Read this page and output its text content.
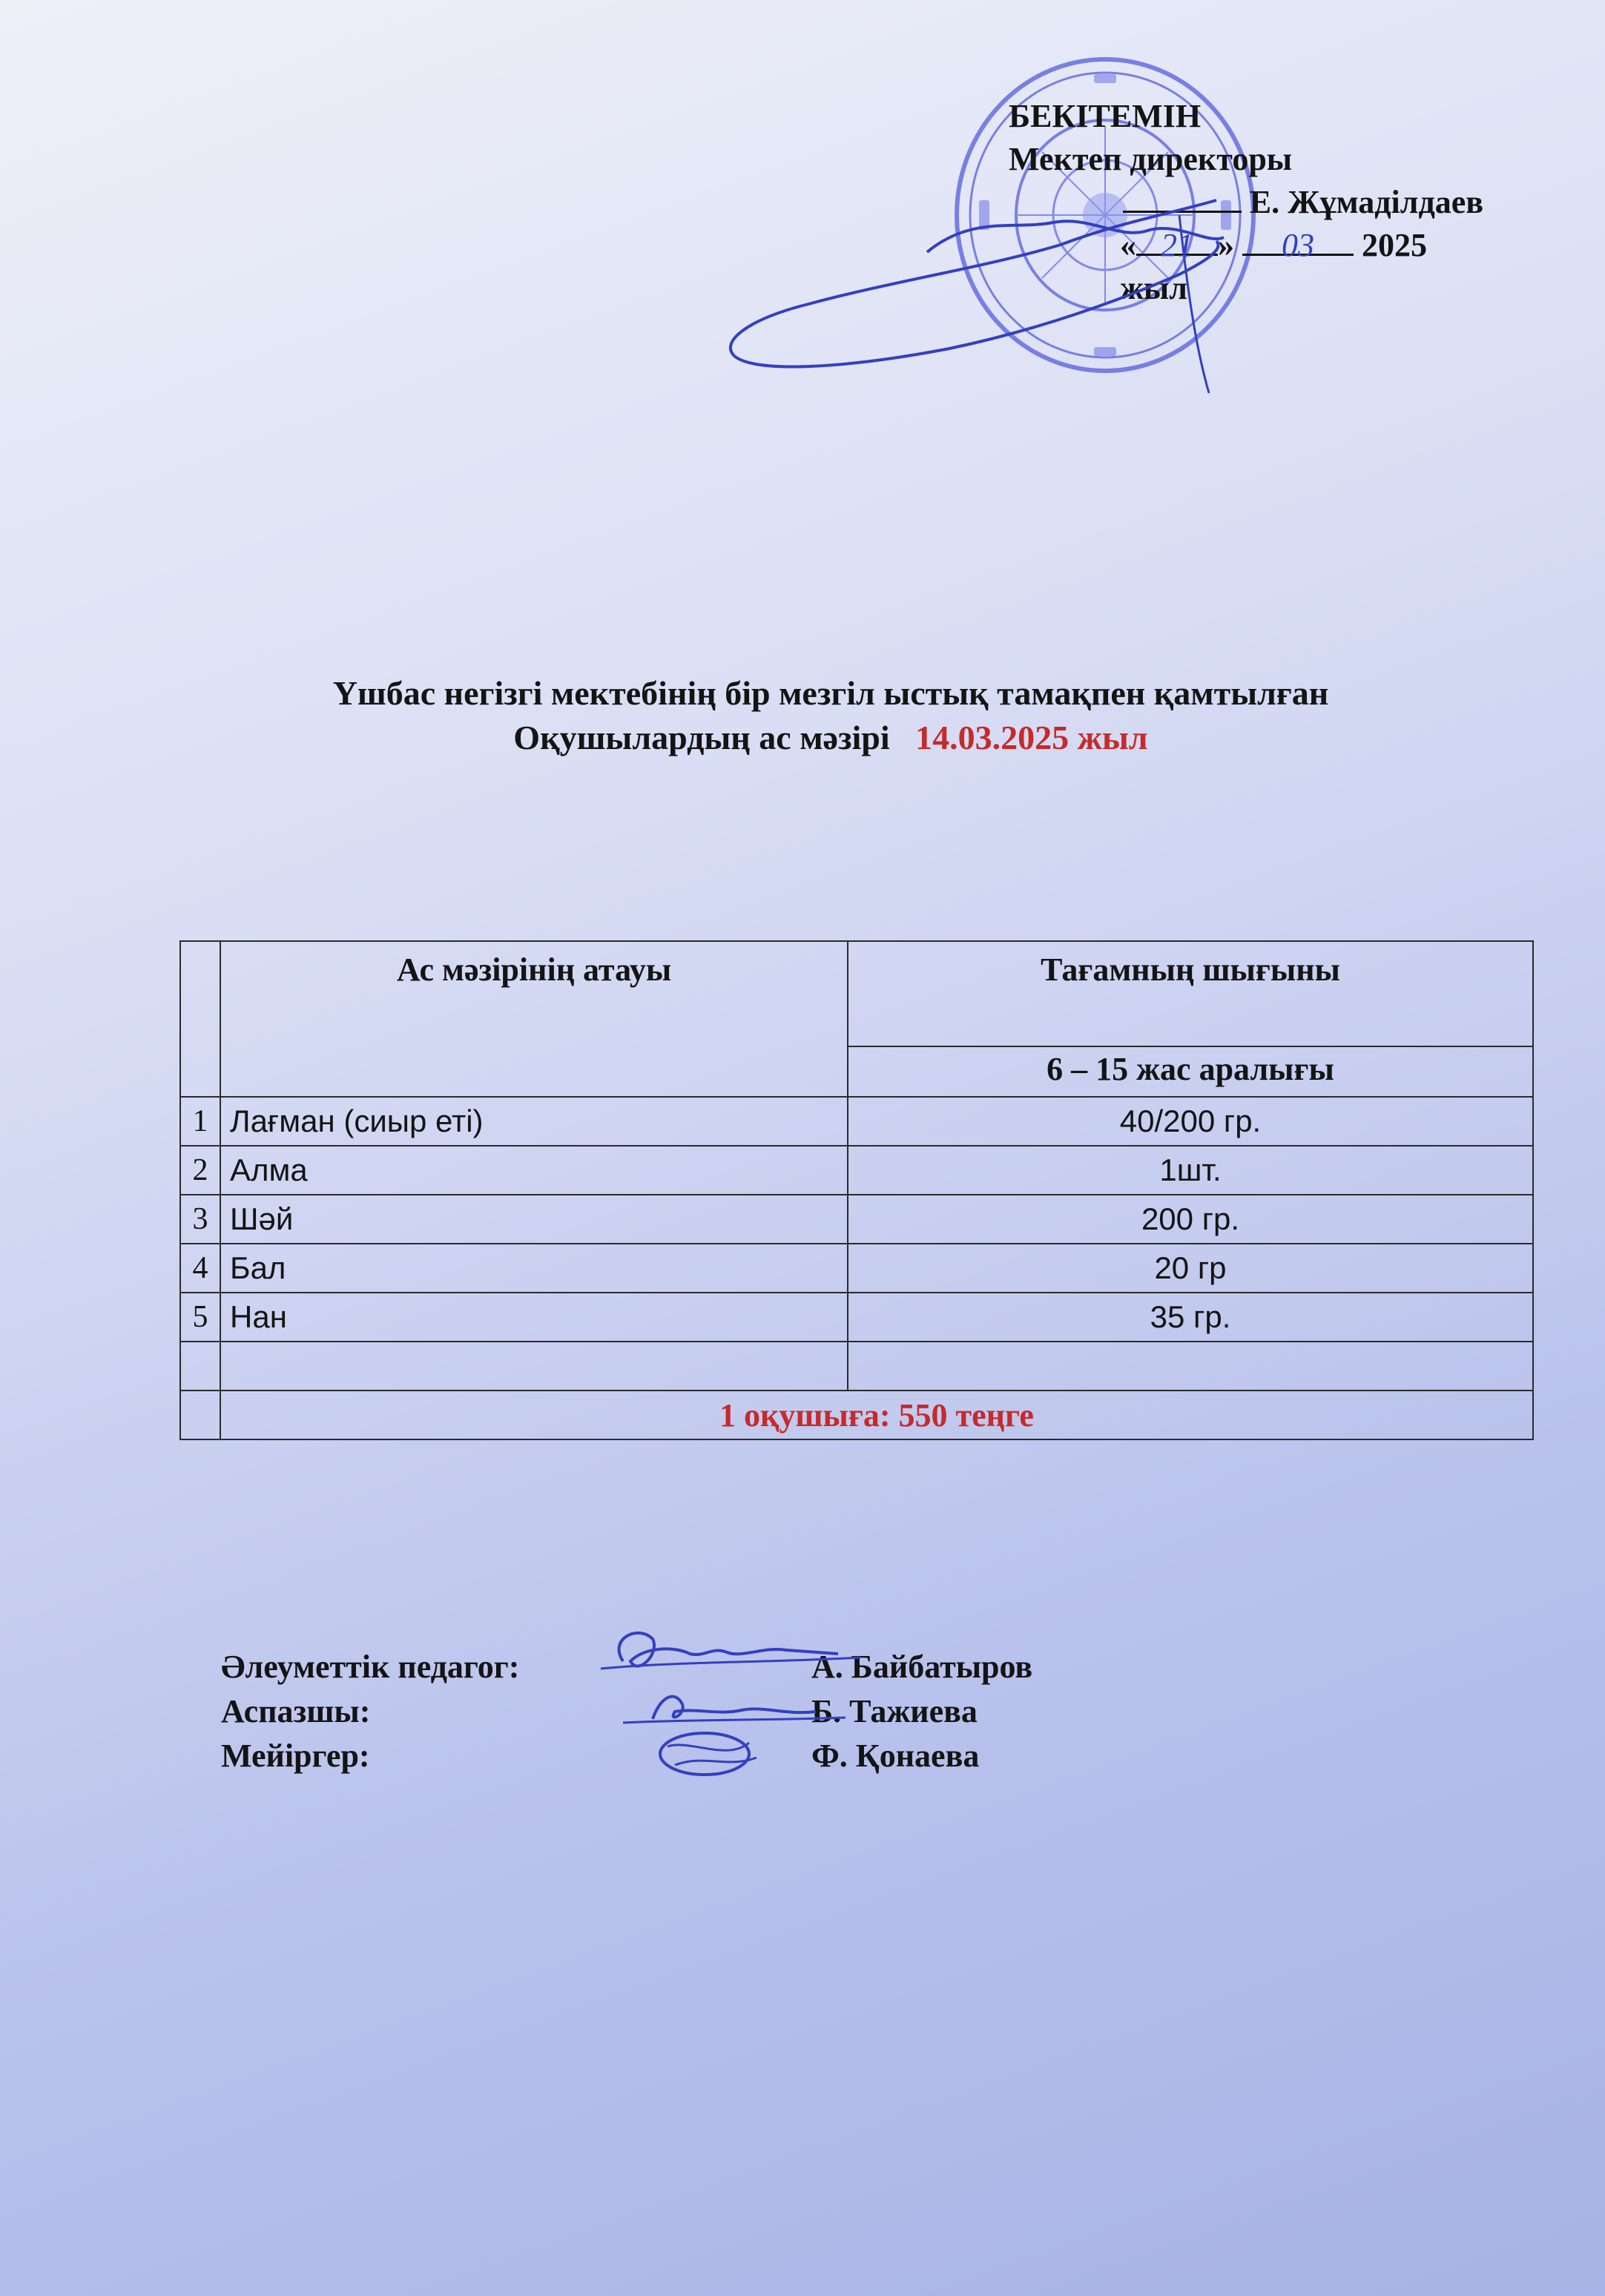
БЕКІТЕМІН
Мектеп директоры
Е. Жұмаділдаев
« 21 » 03 2025 жыл
Үшбас негізгі мектебінің бір мезгіл ыстық тамақпен қамтылған
Оқушылардың ас мәзірі 14.03.2025 жыл
	Ас мәзірінің атауы	Тағамның шығыны
		6 – 15 жас аралығы
1	Лағман (сиыр еті)	40/200 гр.
2	Алма	1шт.
3	Шәй	200 гр.
4	Бал	20 гр
5	Нан	35 гр.

	1 оқушыға: 550 теңге	
Әлеуметтік педагог:	А. Байбатыров
Аспазшы:	Б. Тажиева
Мейіргер:	Ф. Қонаева
